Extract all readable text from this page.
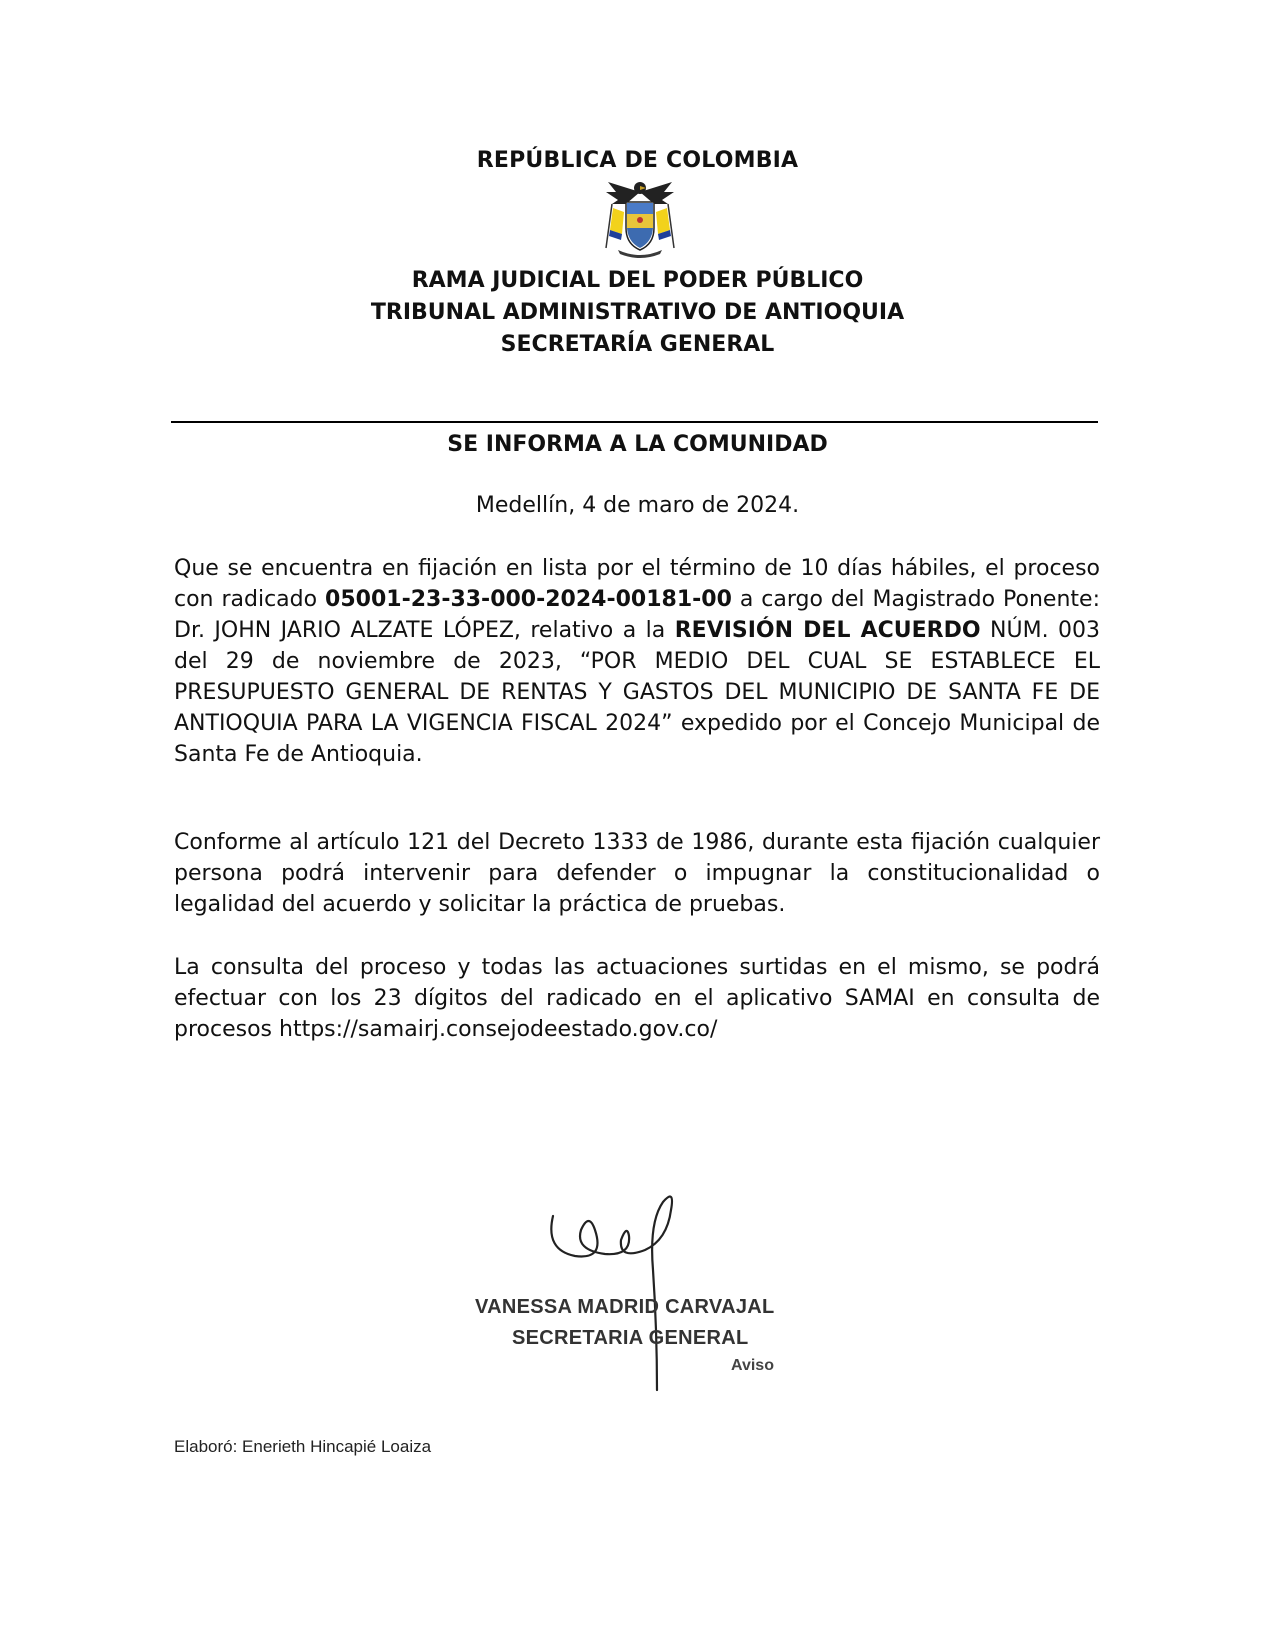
REPÚBLICA DE COLOMBIA
RAMA JUDICIAL DEL PODER PÚBLICO
TRIBUNAL ADMINISTRATIVO DE ANTIOQUIA
SECRETARÍA GENERAL
SE INFORMA A LA COMUNIDAD
Medellín, 4 de maro de 2024.
Que se encuentra en fijación en lista por el término de 10 días hábiles, el proceso con radicado 05001-23-33-000-2024-00181-00 a cargo del Magistrado Ponente: Dr. JOHN JARIO ALZATE LÓPEZ, relativo a la REVISIÓN DEL ACUERDO NÚM. 003 del 29 de noviembre de 2023, “POR MEDIO DEL CUAL SE ESTABLECE EL PRESUPUESTO GENERAL DE RENTAS Y GASTOS DEL MUNICIPIO DE SANTA FE DE ANTIOQUIA PARA LA VIGENCIA FISCAL 2024” expedido por el Concejo Municipal de Santa Fe de Antioquia.
Conforme al artículo 121 del Decreto 1333 de 1986, durante esta fijación cualquier persona podrá intervenir para defender o impugnar la constitucionalidad o legalidad del acuerdo y solicitar la práctica de pruebas.
La consulta del proceso y todas las actuaciones surtidas en el mismo, se podrá efectuar con los 23 dígitos del radicado en el aplicativo SAMAI en consulta de procesos https://samairj.consejodeestado.gov.co/
VANESSA MADRID CARVAJAL
SECRETARIA GENERAL
Aviso
Elaboró: Enerieth Hincapié Loaiza
